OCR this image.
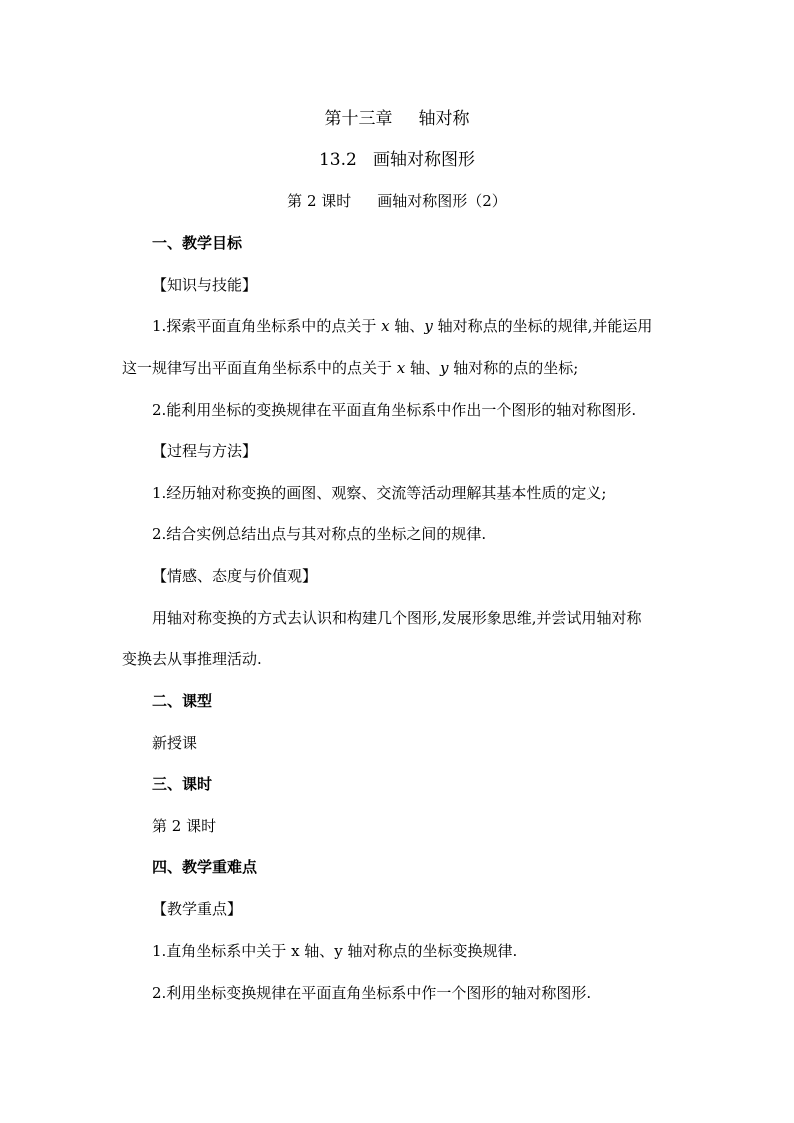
第十三章 轴对称
13.2 画轴对称图形
第 2 课时 画轴对称图形（2）
一、教学目标
【知识与技能】
1.探索平面直角坐标系中的点关于 x 轴、y 轴对称点的坐标的规律,并能运用
这一规律写出平面直角坐标系中的点关于 x 轴、y 轴对称的点的坐标;
2.能利用坐标的变换规律在平面直角坐标系中作出一个图形的轴对称图形.
【过程与方法】
1.经历轴对称变换的画图、观察、交流等活动理解其基本性质的定义;
2.结合实例总结出点与其对称点的坐标之间的规律.
【情感、态度与价值观】
用轴对称变换的方式去认识和构建几个图形,发展形象思维,并尝试用轴对称
变换去从事推理活动.
二、课型
新授课
三、课时
第 2 课时
四、教学重难点
【教学重点】
1.直角坐标系中关于 x 轴、y 轴对称点的坐标变换规律.
2.利用坐标变换规律在平面直角坐标系中作一个图形的轴对称图形.
